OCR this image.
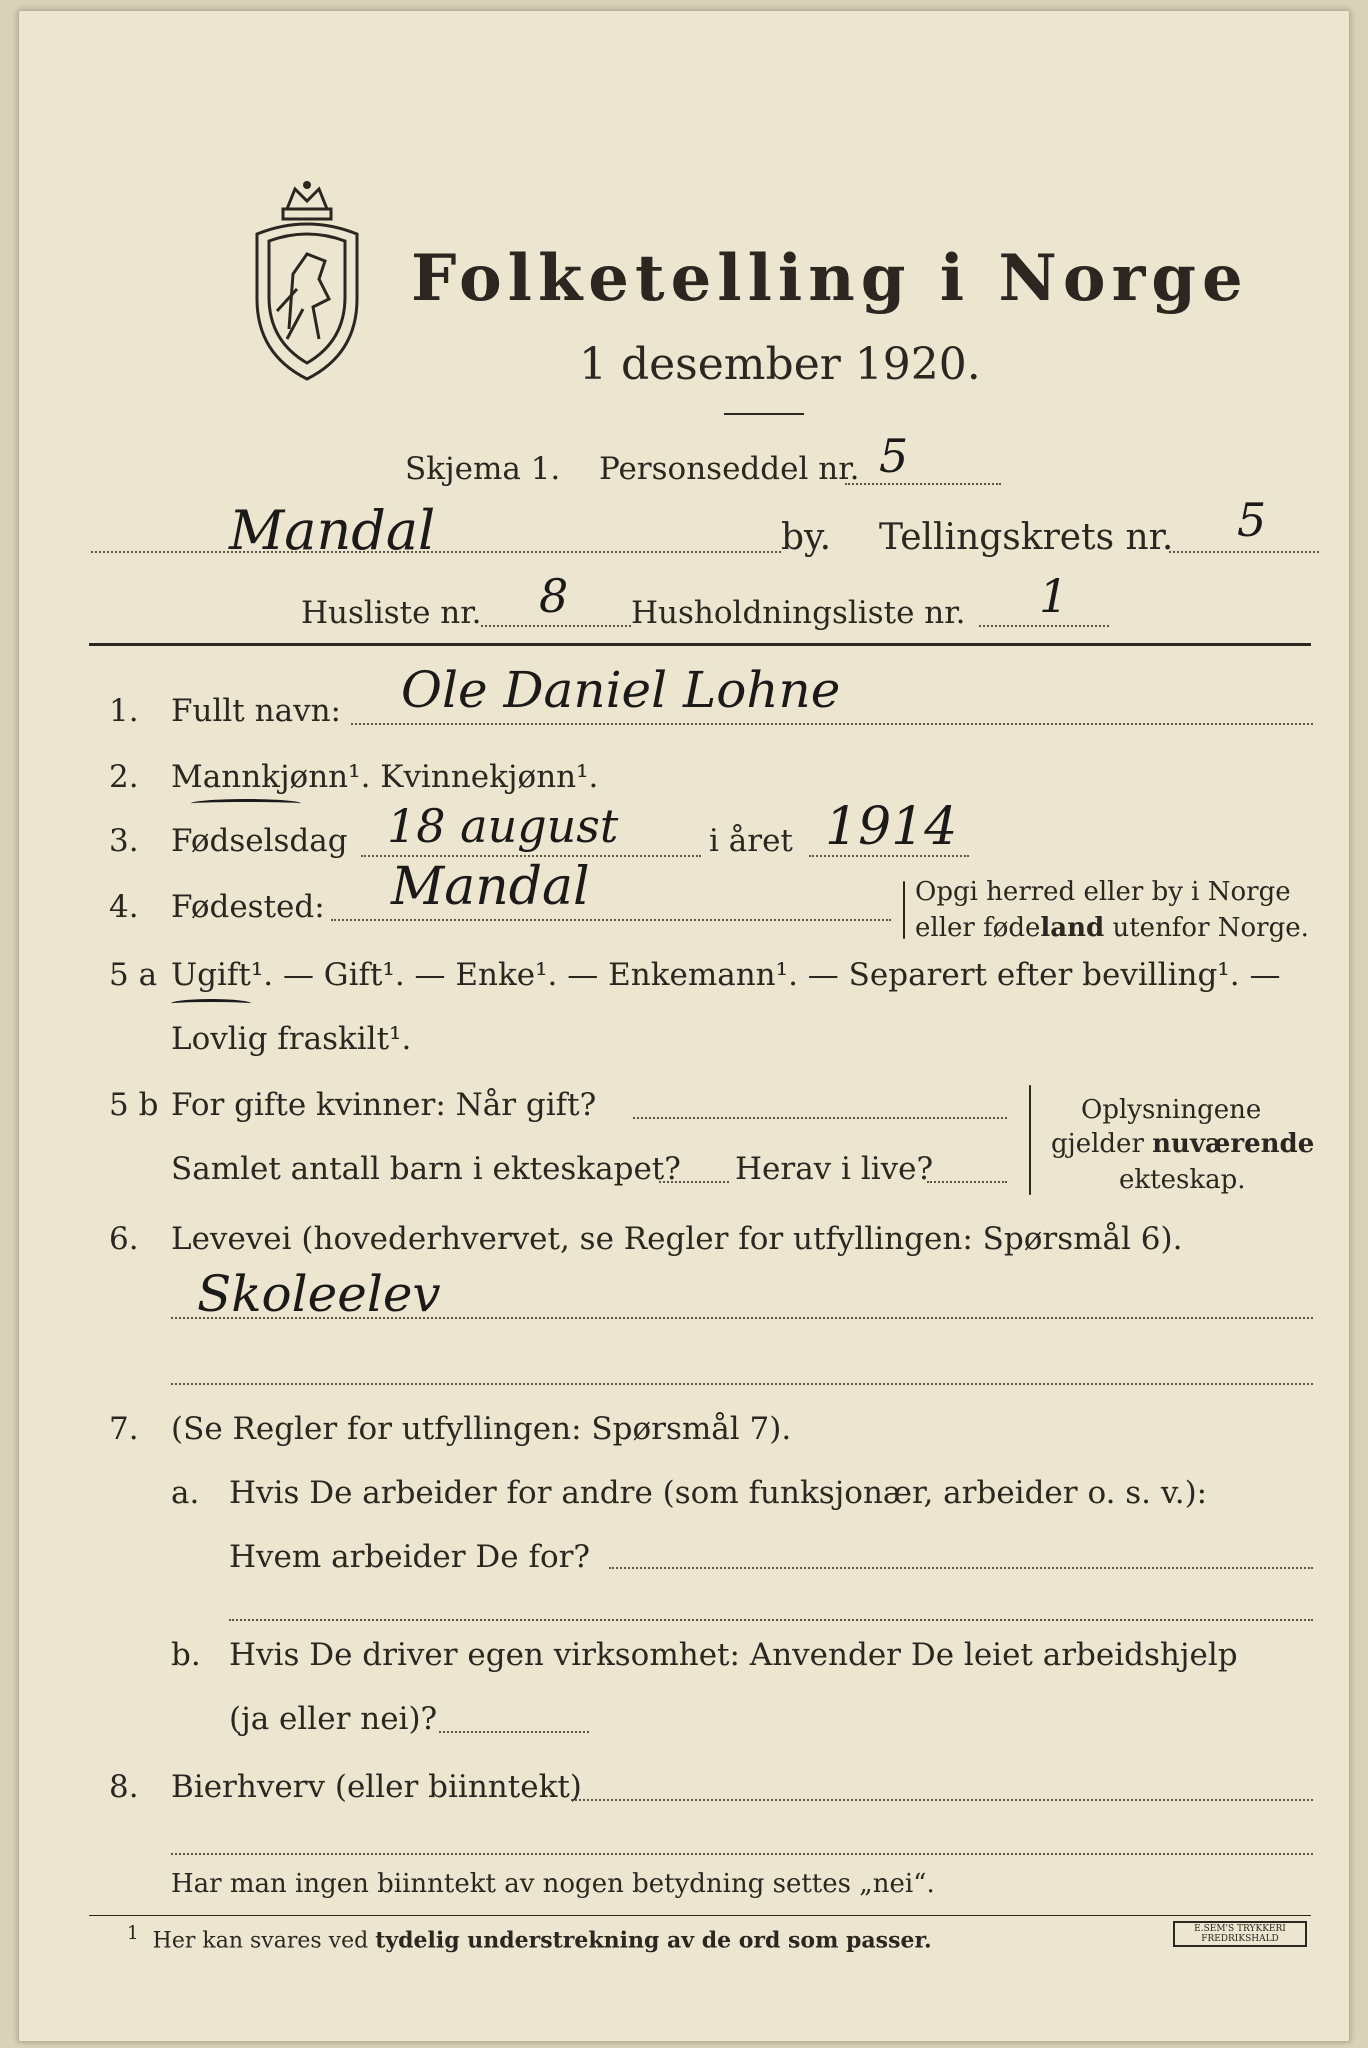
Folketelling i Norge
1 desember 1920.
Skjema 1. Personseddel nr. 5
Mandal	by. Tellingskrets nr. 5
Husliste nr. 8 Husholdningsliste nr. 1
1. Fullt navn: Ole Daniel Lohne
2. Mannkjønn¹. Kvinnekjønn¹.
3. Fødselsdag 18 august	i året 1914
4. Fødested: Mandal	Opgi herred eller by i Norge
eller fødeland utenfor Norge.
5 a Ugift¹. — Gift¹. — Enke¹. — Enkemann¹. — Separert efter bevilling¹. —
Lovlig fraskilt¹.
5 b For gifte kvinner: Når gift?
Samlet antall barn i ekteskapet? Herav i live?
Oplysningene
gjelder nuværende
ekteskap.
6. Levevei (hovederhvervet, se Regler for utfyllingen: Spørsmål 6).
Skoleelev
7. (Se Regler for utfyllingen: Spørsmål 7).
a. Hvis De arbeider for andre (som funksjonær, arbeider o. s. v.):
Hvem arbeider De for?
b. Hvis De driver egen virksomhet: Anvender De leiet arbeidshjelp
(ja eller nei)?
8. Bierhverv (eller biinntekt)
Har man ingen biinntekt av nogen betydning settes „nei“.
$^1$ Her kan svares ved tydelig understrekning av de ord som passer.	E.SEM'S TRYKKERI
FREDRIKSHALD
